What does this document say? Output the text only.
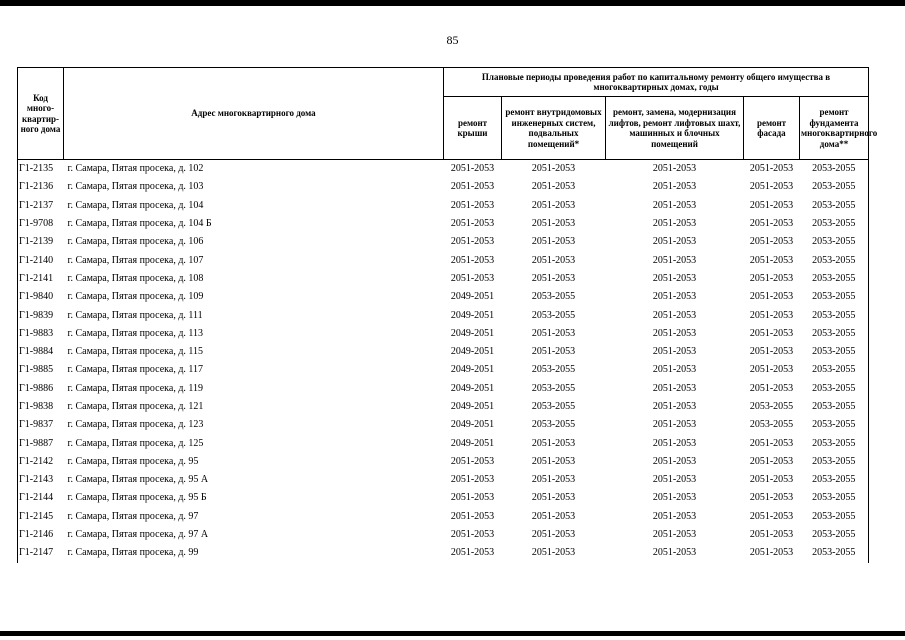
85
Код много-квартир-ного дома	Адрес многоквартирного дома	Плановые периоды проведения работ по капитальному ремонту общего имущества в многоквартирных домах, годы				
		ремонт крыши	ремонт внутридомовых инженерных систем, подвальных помещений*	ремонт, замена, модернизация лифтов, ремонт лифтовых шахт, машинных и блочных помещений	ремонт фасада	ремонт фундамента многоквартирного дома**
Г1-2135	г. Самара, Пятая просека, д. 102	2051-2053	2051-2053	2051-2053	2051-2053	2053-2055
Г1-2136	г. Самара, Пятая просека, д. 103	2051-2053	2051-2053	2051-2053	2051-2053	2053-2055
Г1-2137	г. Самара, Пятая просека, д. 104	2051-2053	2051-2053	2051-2053	2051-2053	2053-2055
Г1-9708	г. Самара, Пятая просека, д. 104 Б	2051-2053	2051-2053	2051-2053	2051-2053	2053-2055
Г1-2139	г. Самара, Пятая просека, д. 106	2051-2053	2051-2053	2051-2053	2051-2053	2053-2055
Г1-2140	г. Самара, Пятая просека, д. 107	2051-2053	2051-2053	2051-2053	2051-2053	2053-2055
Г1-2141	г. Самара, Пятая просека, д. 108	2051-2053	2051-2053	2051-2053	2051-2053	2053-2055
Г1-9840	г. Самара, Пятая просека, д. 109	2049-2051	2053-2055	2051-2053	2051-2053	2053-2055
Г1-9839	г. Самара, Пятая просека, д. 111	2049-2051	2053-2055	2051-2053	2051-2053	2053-2055
Г1-9883	г. Самара, Пятая просека, д. 113	2049-2051	2051-2053	2051-2053	2051-2053	2053-2055
Г1-9884	г. Самара, Пятая просека, д. 115	2049-2051	2051-2053	2051-2053	2051-2053	2053-2055
Г1-9885	г. Самара, Пятая просека, д. 117	2049-2051	2053-2055	2051-2053	2051-2053	2053-2055
Г1-9886	г. Самара, Пятая просека, д. 119	2049-2051	2053-2055	2051-2053	2051-2053	2053-2055
Г1-9838	г. Самара, Пятая просека, д. 121	2049-2051	2053-2055	2051-2053	2053-2055	2053-2055
Г1-9837	г. Самара, Пятая просека, д. 123	2049-2051	2053-2055	2051-2053	2053-2055	2053-2055
Г1-9887	г. Самара, Пятая просека, д. 125	2049-2051	2051-2053	2051-2053	2051-2053	2053-2055
Г1-2142	г. Самара, Пятая просека, д. 95	2051-2053	2051-2053	2051-2053	2051-2053	2053-2055
Г1-2143	г. Самара, Пятая просека, д. 95 А	2051-2053	2051-2053	2051-2053	2051-2053	2053-2055
Г1-2144	г. Самара, Пятая просека, д. 95 Б	2051-2053	2051-2053	2051-2053	2051-2053	2053-2055
Г1-2145	г. Самара, Пятая просека, д. 97	2051-2053	2051-2053	2051-2053	2051-2053	2053-2055
Г1-2146	г. Самара, Пятая просека, д. 97 А	2051-2053	2051-2053	2051-2053	2051-2053	2053-2055
Г1-2147	г. Самара, Пятая просека, д. 99	2051-2053	2051-2053	2051-2053	2051-2053	2053-2055
